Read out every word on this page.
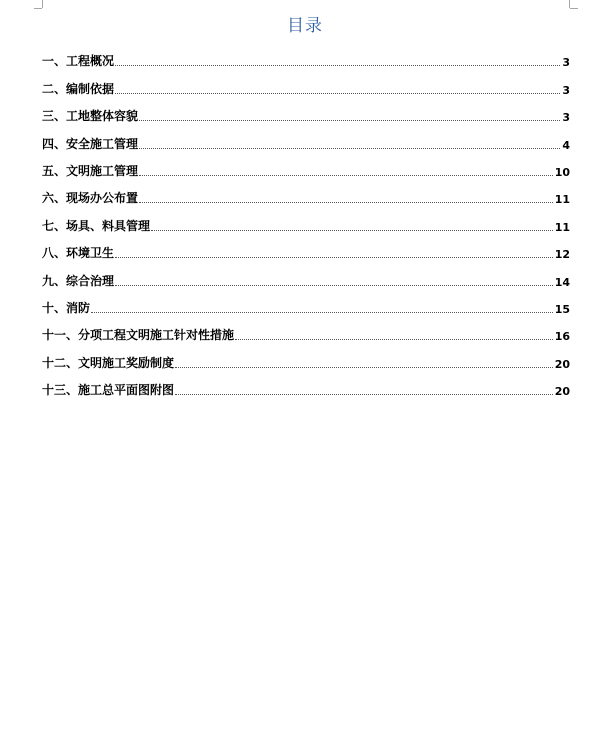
目录
一、工程概况	3
二、编制依据	3
三、工地整体容貌	3
四、安全施工管理	4
五、文明施工管理	10
六、现场办公布置	11
七、场具、料具管理	11
八、环境卫生	12
九、综合治理	14
十、消防	15
十一、分项工程文明施工针对性措施	16
十二、文明施工奖励制度	20
十三、施工总平面图附图	20
